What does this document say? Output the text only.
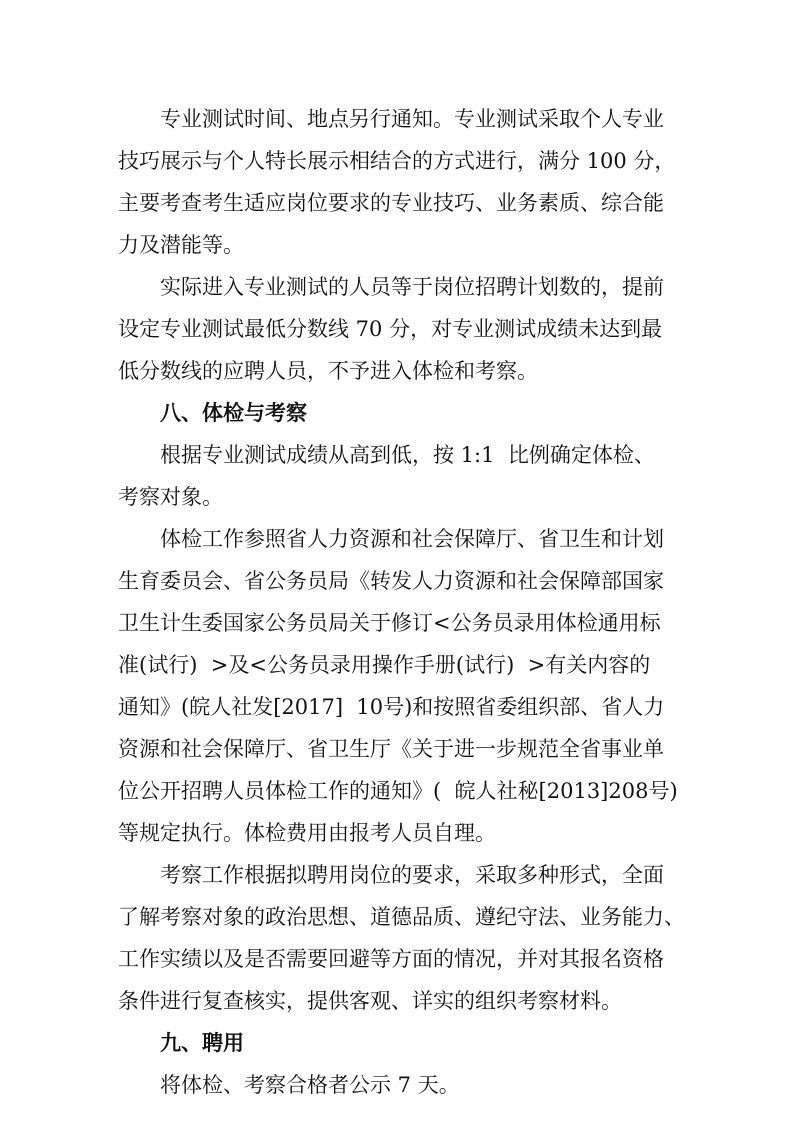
专业测试时间、地点另行通知。专业测试采取个人专业
技巧展示与个人特长展示相结合的方式进行，满分 100 分，
主要考查考生适应岗位要求的专业技巧、业务素质、综合能
力及潜能等。
实际进入专业测试的人员等于岗位招聘计划数的，提前
设定专业测试最低分数线 70 分，对专业测试成绩未达到最
低分数线的应聘人员，不予进入体检和考察。
八、体检与考察
根据专业测试成绩从高到低，按 1:1  比例确定体检、
考察对象。
体检工作参照省人力资源和社会保障厅、省卫生和计划
生育委员会、省公务员局《转发人力资源和社会保障部国家
卫生计生委国家公务员局关于修订<公务员录用体检通用标
准(试行)  >及<公务员录用操作手册(试行)  >有关内容的
通知》(皖人社发[2017]  10号)和按照省委组织部、省人力
资源和社会保障厅、省卫生厅《关于进一步规范全省事业单
位公开招聘人员体检工作的通知》(  皖人社秘[2013]208号)
等规定执行。体检费用由报考人员自理。
考察工作根据拟聘用岗位的要求，采取多种形式，全面
了解考察对象的政治思想、道德品质、遵纪守法、业务能力、
工作实绩以及是否需要回避等方面的情况，并对其报名资格
条件进行复查核实，提供客观、详实的组织考察材料。
九、聘用
将体检、考察合格者公示 7 天。
